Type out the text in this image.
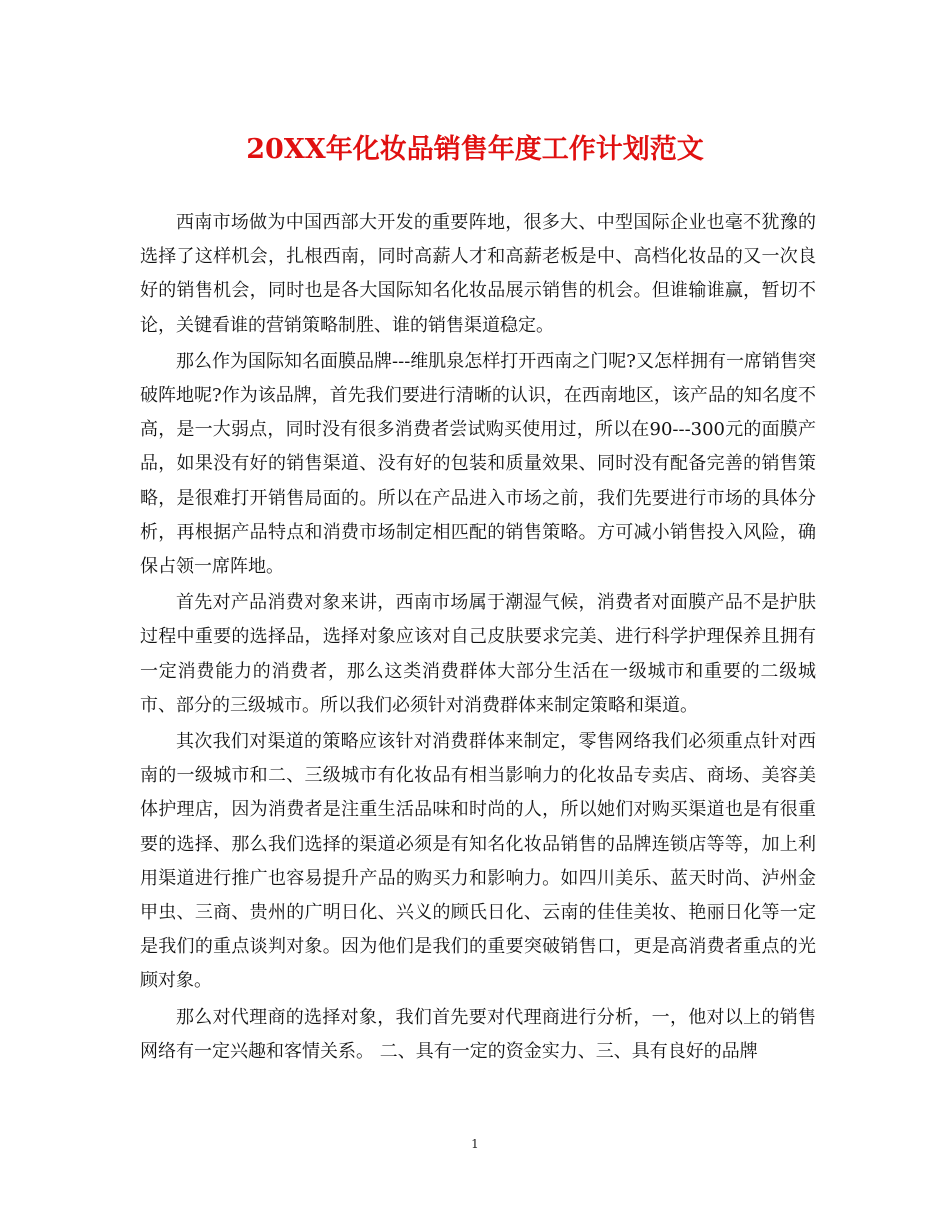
20XX年化妆品销售年度工作计划范文

西南市场做为中国西部大开发的重要阵地，很多大、中型国际企业也毫不犹豫的选择了这样机会，扎根西南，同时高薪人才和高薪老板是中、高档化妆品的又一次良好的销售机会，同时也是各大国际知名化妆品展示销售的机会。但谁输谁赢，暂切不论，关键看谁的营销策略制胜、谁的销售渠道稳定。

那么作为国际知名面膜品牌---维肌泉怎样打开西南之门呢?又怎样拥有一席销售突破阵地呢?作为该品牌，首先我们要进行清晰的认识，在西南地区，该产品的知名度不高，是一大弱点，同时没有很多消费者尝试购买使用过，所以在90---300元的面膜产品，如果没有好的销售渠道、没有好的包装和质量效果、同时没有配备完善的销售策略，是很难打开销售局面的。所以在产品进入市场之前，我们先要进行市场的具体分析，再根据产品特点和消费市场制定相匹配的销售策略。方可减小销售投入风险，确保占领一席阵地。

首先对产品消费对象来讲，西南市场属于潮湿气候，消费者对面膜产品不是护肤过程中重要的选择品，选择对象应该对自己皮肤要求完美、进行科学护理保养且拥有一定消费能力的消费者，那么这类消费群体大部分生活在一级城市和重要的二级城市、部分的三级城市。所以我们必须针对消费群体来制定策略和渠道。

其次我们对渠道的策略应该针对消费群体来制定，零售网络我们必须重点针对西南的一级城市和二、三级城市有化妆品有相当影响力的化妆品专卖店、商场、美容美体护理店，因为消费者是注重生活品味和时尚的人，所以她们对购买渠道也是有很重要的选择、那么我们选择的渠道必须是有知名化妆品销售的品牌连锁店等等，加上利用渠道进行推广也容易提升产品的购买力和影响力。如四川美乐、蓝天时尚、泸州金甲虫、三商、贵州的广明日化、兴义的顾氏日化、云南的佳佳美妆、艳丽日化等一定是我们的重点谈判对象。因为他们是我们的重要突破销售口，更是高消费者重点的光顾对象。

那么对代理商的选择对象，我们首先要对代理商进行分析，一，他对以上的销售网络有一定兴趣和客情关系。 二、具有一定的资金实力、三、具有良好的品牌

1
